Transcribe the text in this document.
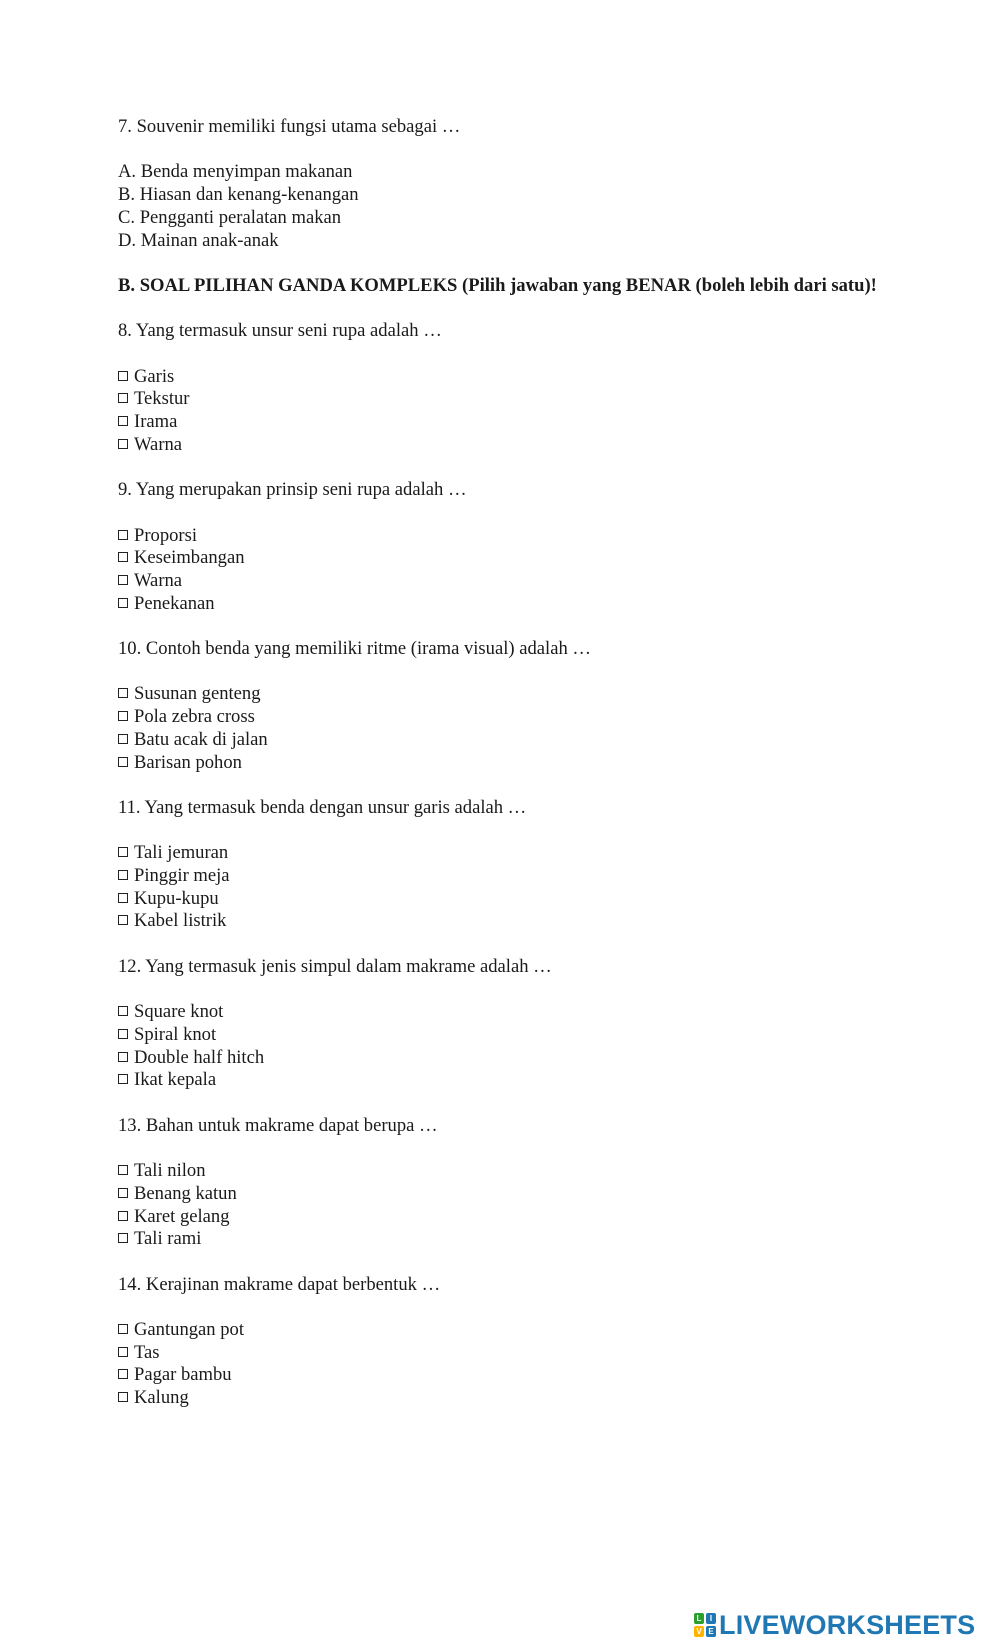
7. Souvenir memiliki fungsi utama sebagai …

A. Benda menyimpan makanan

B. Hiasan dan kenang-kenangan

C. Pengganti peralatan makan

D. Mainan anak-anak

B. SOAL PILIHAN GANDA KOMPLEKS (Pilih jawaban yang BENAR (boleh lebih dari satu)!

8. Yang termasuk unsur seni rupa adalah …

Garis

Tekstur

Irama

Warna

9. Yang merupakan prinsip seni rupa adalah …

Proporsi

Keseimbangan

Warna

Penekanan

10. Contoh benda yang memiliki ritme (irama visual) adalah …

Susunan genteng

Pola zebra cross

Batu acak di jalan

Barisan pohon

11. Yang termasuk benda dengan unsur garis adalah …

Tali jemuran

Pinggir meja

Kupu-kupu

Kabel listrik

12. Yang termasuk jenis simpul dalam makrame adalah …

Square knot

Spiral knot

Double half hitch

Ikat kepala

13. Bahan untuk makrame dapat berupa …

Tali nilon

Benang katun

Karet gelang

Tali rami

14. Kerajinan makrame dapat berbentuk …

Gantungan pot

Tas

Pagar bambu

Kalung

L	I
V E LIVEWORKSHEETS
